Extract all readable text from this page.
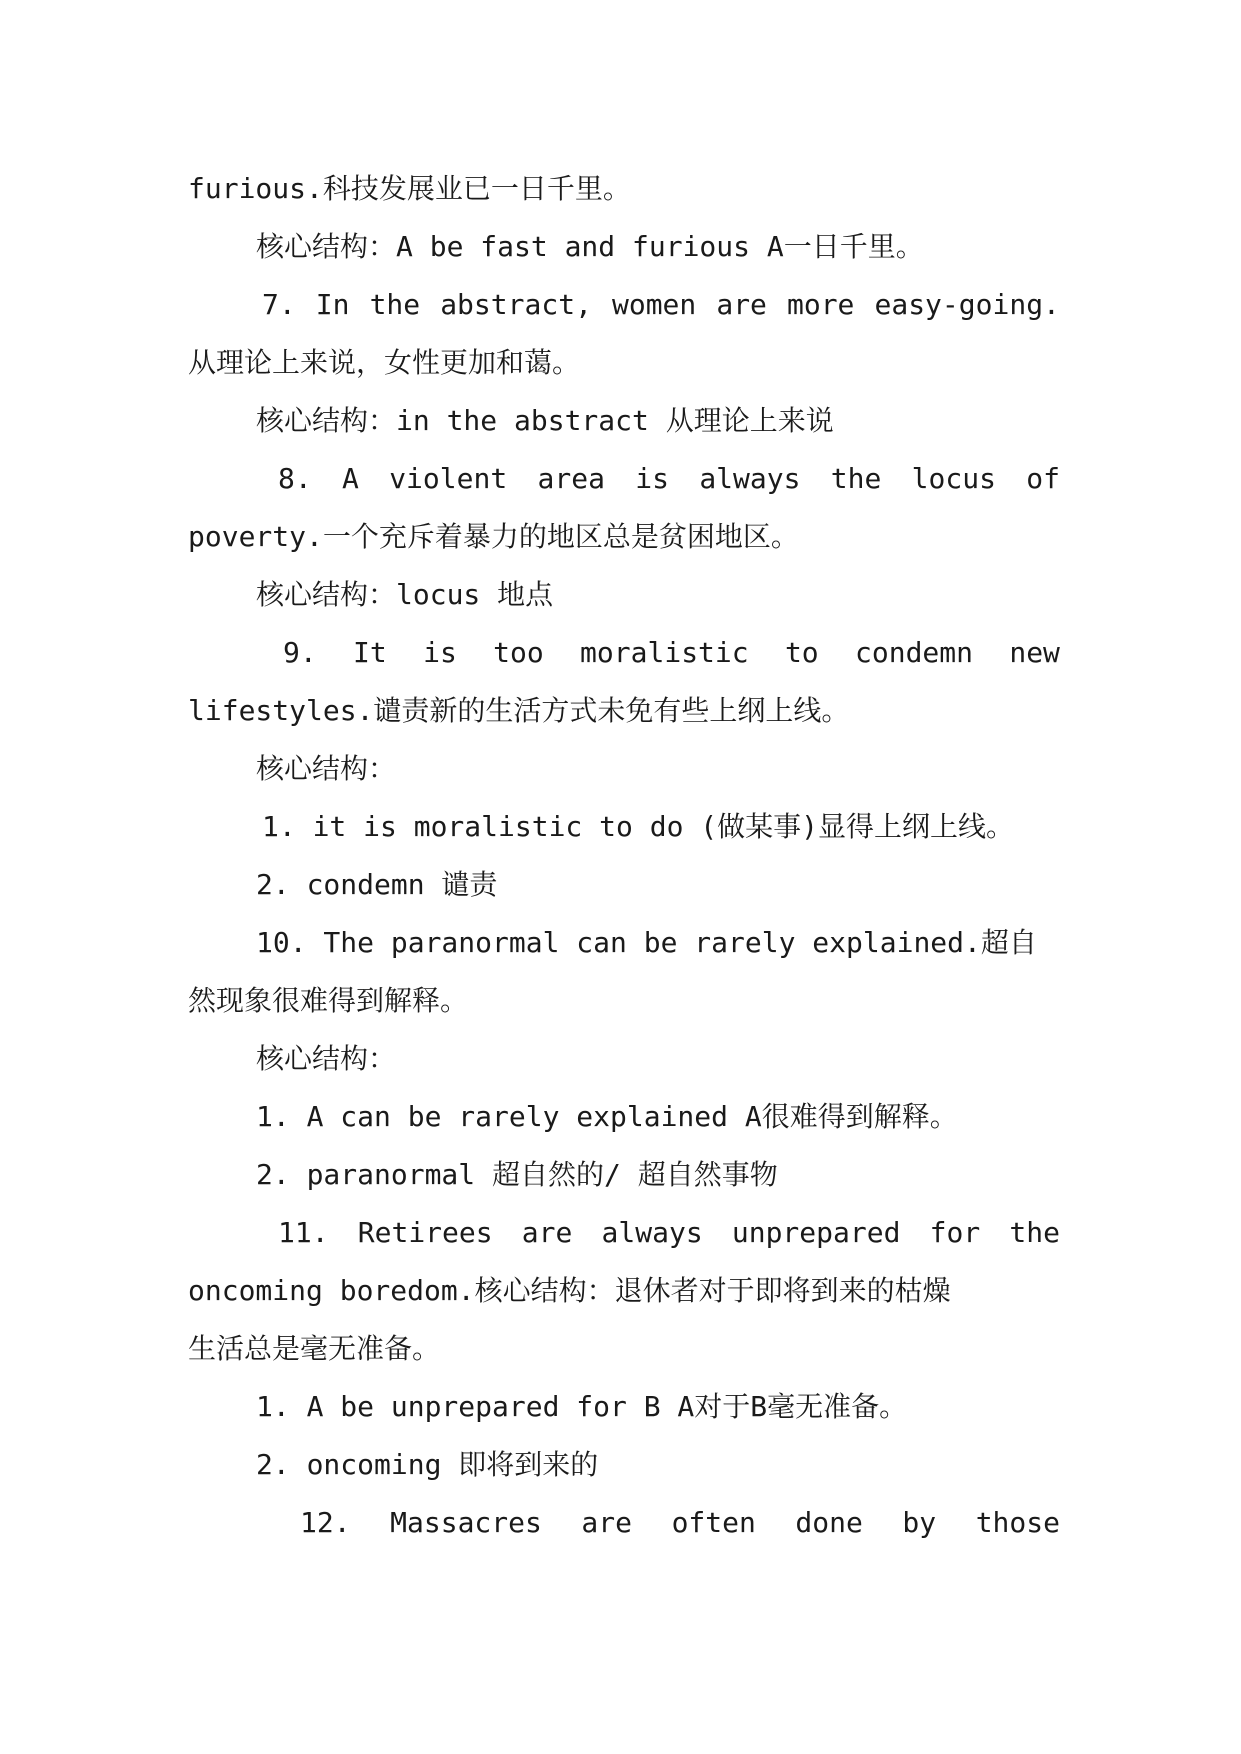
furious.科技发展业已一日千里。

核心结构：A be fast and furious A一日千里。

7. In the abstract, women are more easy-going.

从理论上来说，女性更加和蔼。

核心结构：in the abstract 从理论上来说

8. A violent area is always the locus of

poverty.一个充斥着暴力的地区总是贫困地区。

核心结构：locus 地点

9. It is too moralistic to condemn new

lifestyles.谴责新的生活方式未免有些上纲上线。

核心结构：

1. it is moralistic to do (做某事)显得上纲上线。

2. condemn 谴责

10. The paranormal can be rarely explained.超自

然现象很难得到解释。

核心结构：

1. A can be rarely explained A很难得到解释。

2. paranormal 超自然的/ 超自然事物

11. Retirees are always unprepared for the

oncoming boredom.核心结构：退休者对于即将到来的枯燥

生活总是毫无准备。

1. A be unprepared for B A对于B毫无准备。

2. oncoming 即将到来的

12. Massacres are often done by those
